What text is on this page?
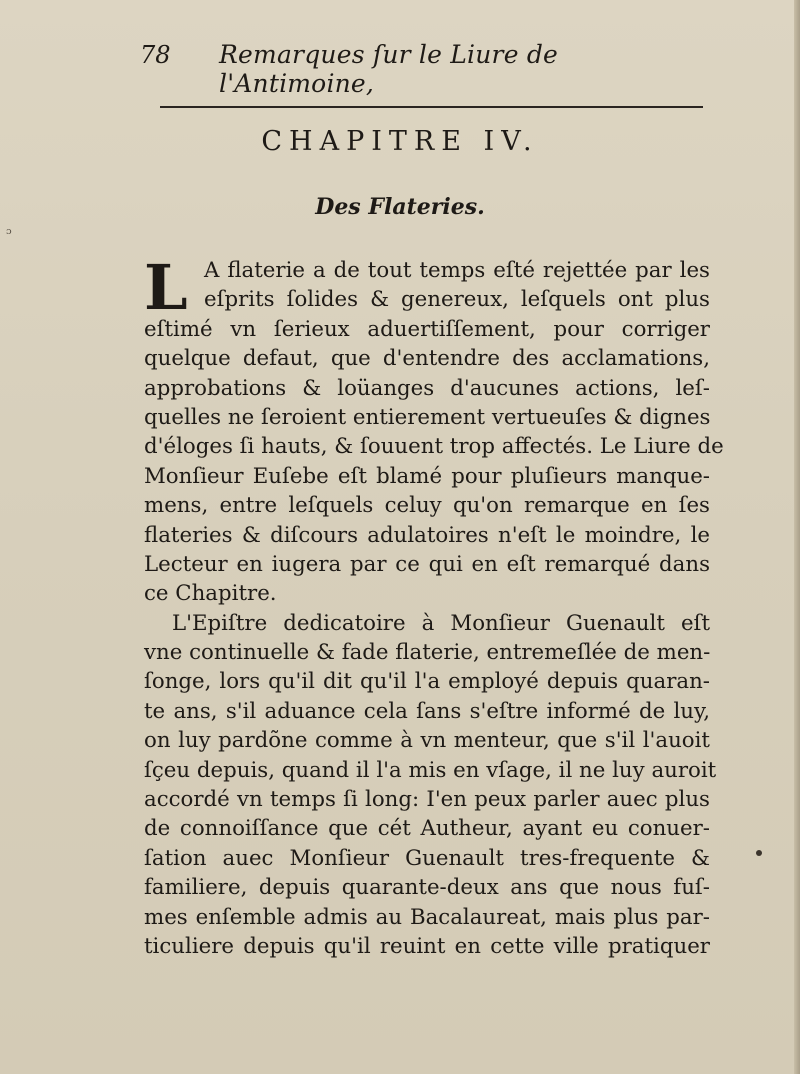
ᵓ
78	Remarques ſur le Liure de l'Antimoine,
CHAPITRE IV.
Des Flateries.
L A flaterie a de tout temps eſté rejettée par les
eſprits ſolides & genereux, leſquels ont plus
eſtimé vn ſerieux aduertiſſement, pour corriger
quelque defaut, que d'entendre des acclamations,
approbations & loüanges d'aucunes actions, leſ-
quelles ne ſeroient entierement vertueuſes & dignes
d'éloges ſi hauts, & ſouuent trop affectés. Le Liure de
Monſieur Euſebe eſt blamé pour pluſieurs manque-
mens, entre leſquels celuy qu'on remarque en ſes
flateries & diſcours adulatoires n'eſt le moindre, le
Lecteur en iugera par ce qui en eſt remarqué dans
ce Chapitre.
L'Epiſtre dedicatoire à Monſieur Guenault eſt
vne continuelle & fade flaterie, entremeſlée de men-
ſonge, lors qu'il dit qu'il l'a employé depuis quaran-
te ans, s'il aduance cela ſans s'eſtre informé de luy,
on luy pardõne comme à vn menteur, que s'il l'auoit
ſçeu depuis, quand il l'a mis en vſage, il ne luy auroit
accordé vn temps ſi long: I'en peux parler auec plus
de connoiſſance que cét Autheur, ayant eu conuer-
ſation auec Monſieur Guenault tres-frequente &
familiere, depuis quarante-deux ans que nous fuſ-
mes enſemble admis au Bacalaureat, mais plus par-
ticuliere depuis qu'il reuint en cette ville pratiquer
